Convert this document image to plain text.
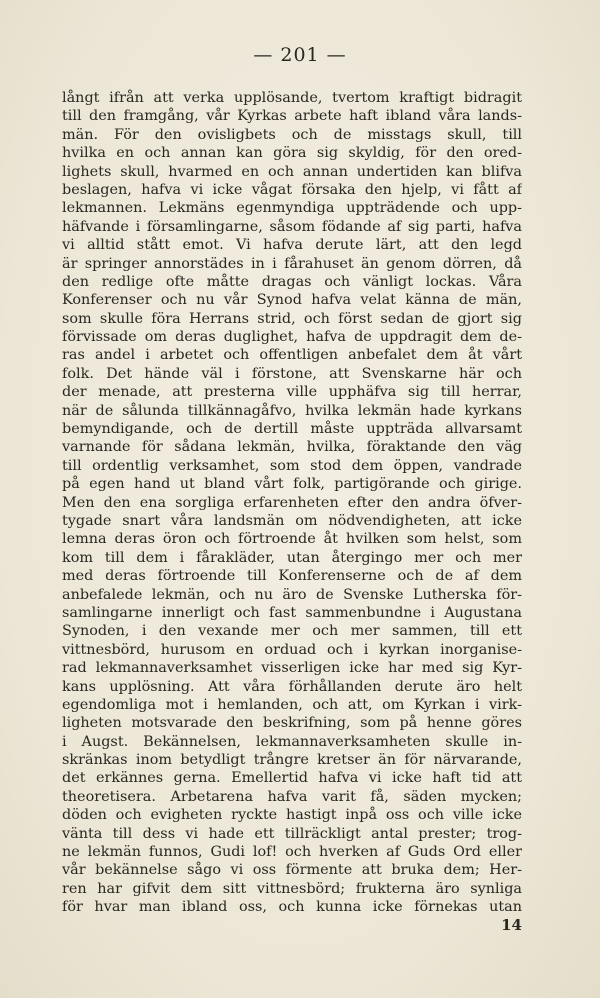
— 201 —
långt ifrån att verka upplösande, tvertom kraftigt bidragit
till den framgång, vår Kyrkas arbete haft ibland våra lands-
män. För den ovisligbets och de misstags skull, till
hvilka en och annan kan göra sig skyldig, för den ored-
lighets skull, hvarmed en och annan undertiden kan blifva
beslagen, hafva vi icke vågat försaka den hjelp, vi fått af
lekmannen. Lekmäns egenmyndiga uppträdende och upp-
häfvande i församlingarne, såsom födande af sig parti, hafva
vi alltid stått emot. Vi hafva derute lärt, att den legd
är springer annorstädes in i fårahuset än genom dörren, då
den redlige ofte måtte dragas och vänligt lockas. Våra
Konferenser och nu vår Synod hafva velat känna de män,
som skulle föra Herrans strid, och först sedan de gjort sig
förvissade om deras duglighet, hafva de uppdragit dem de-
ras andel i arbetet och offentligen anbefalet dem åt vårt
folk. Det hände väl i förstone, att Svenskarne här och
der menade, att presterna ville upphäfva sig till herrar,
när de sålunda tillkännagåfvo, hvilka lekmän hade kyrkans
bemyndigande, och de dertill måste uppträda allvarsamt
varnande för sådana lekmän, hvilka, föraktande den väg
till ordentlig verksamhet, som stod dem öppen, vandrade
på egen hand ut bland vårt folk, partigörande och girige.
Men den ena sorgliga erfarenheten efter den andra öfver-
tygade snart våra landsmän om nödvendigheten, att icke
lemna deras öron och förtroende åt hvilken som helst, som
kom till dem i fårakläder, utan återgingo mer och mer
med deras förtroende till Konferenserne och de af dem
anbefalede lekmän, och nu äro de Svenske Lutherska för-
samlingarne innerligt och fast sammenbundne i Augustana
Synoden, i den vexande mer och mer sammen, till ett
vittnesbörd, hurusom en orduad och i kyrkan inorganise-
rad lekmannaverksamhet visserligen icke har med sig Kyr-
kans upplösning. Att våra förhållanden derute äro helt
egendomliga mot i hemlanden, och att, om Kyrkan i virk-
ligheten motsvarade den beskrifning, som på henne göres
i Augst. Bekännelsen, lekmannaverksamheten skulle in-
skränkas inom betydligt trångre kretser än för närvarande,
det erkännes gerna. Emellertid hafva vi icke haft tid att
theoretisera. Arbetarena hafva varit få, säden mycken;
döden och evigheten ryckte hastigt inpå oss och ville icke
vänta till dess vi hade ett tillräckligt antal prester; trog-
ne lekmän funnos, Gudi lof! och hverken af Guds Ord eller
vår bekännelse sågo vi oss förmente att bruka dem; Her-
ren har gifvit dem sitt vittnesbörd; frukterna äro synliga
för hvar man ibland oss, och kunna icke förnekas utan
14
